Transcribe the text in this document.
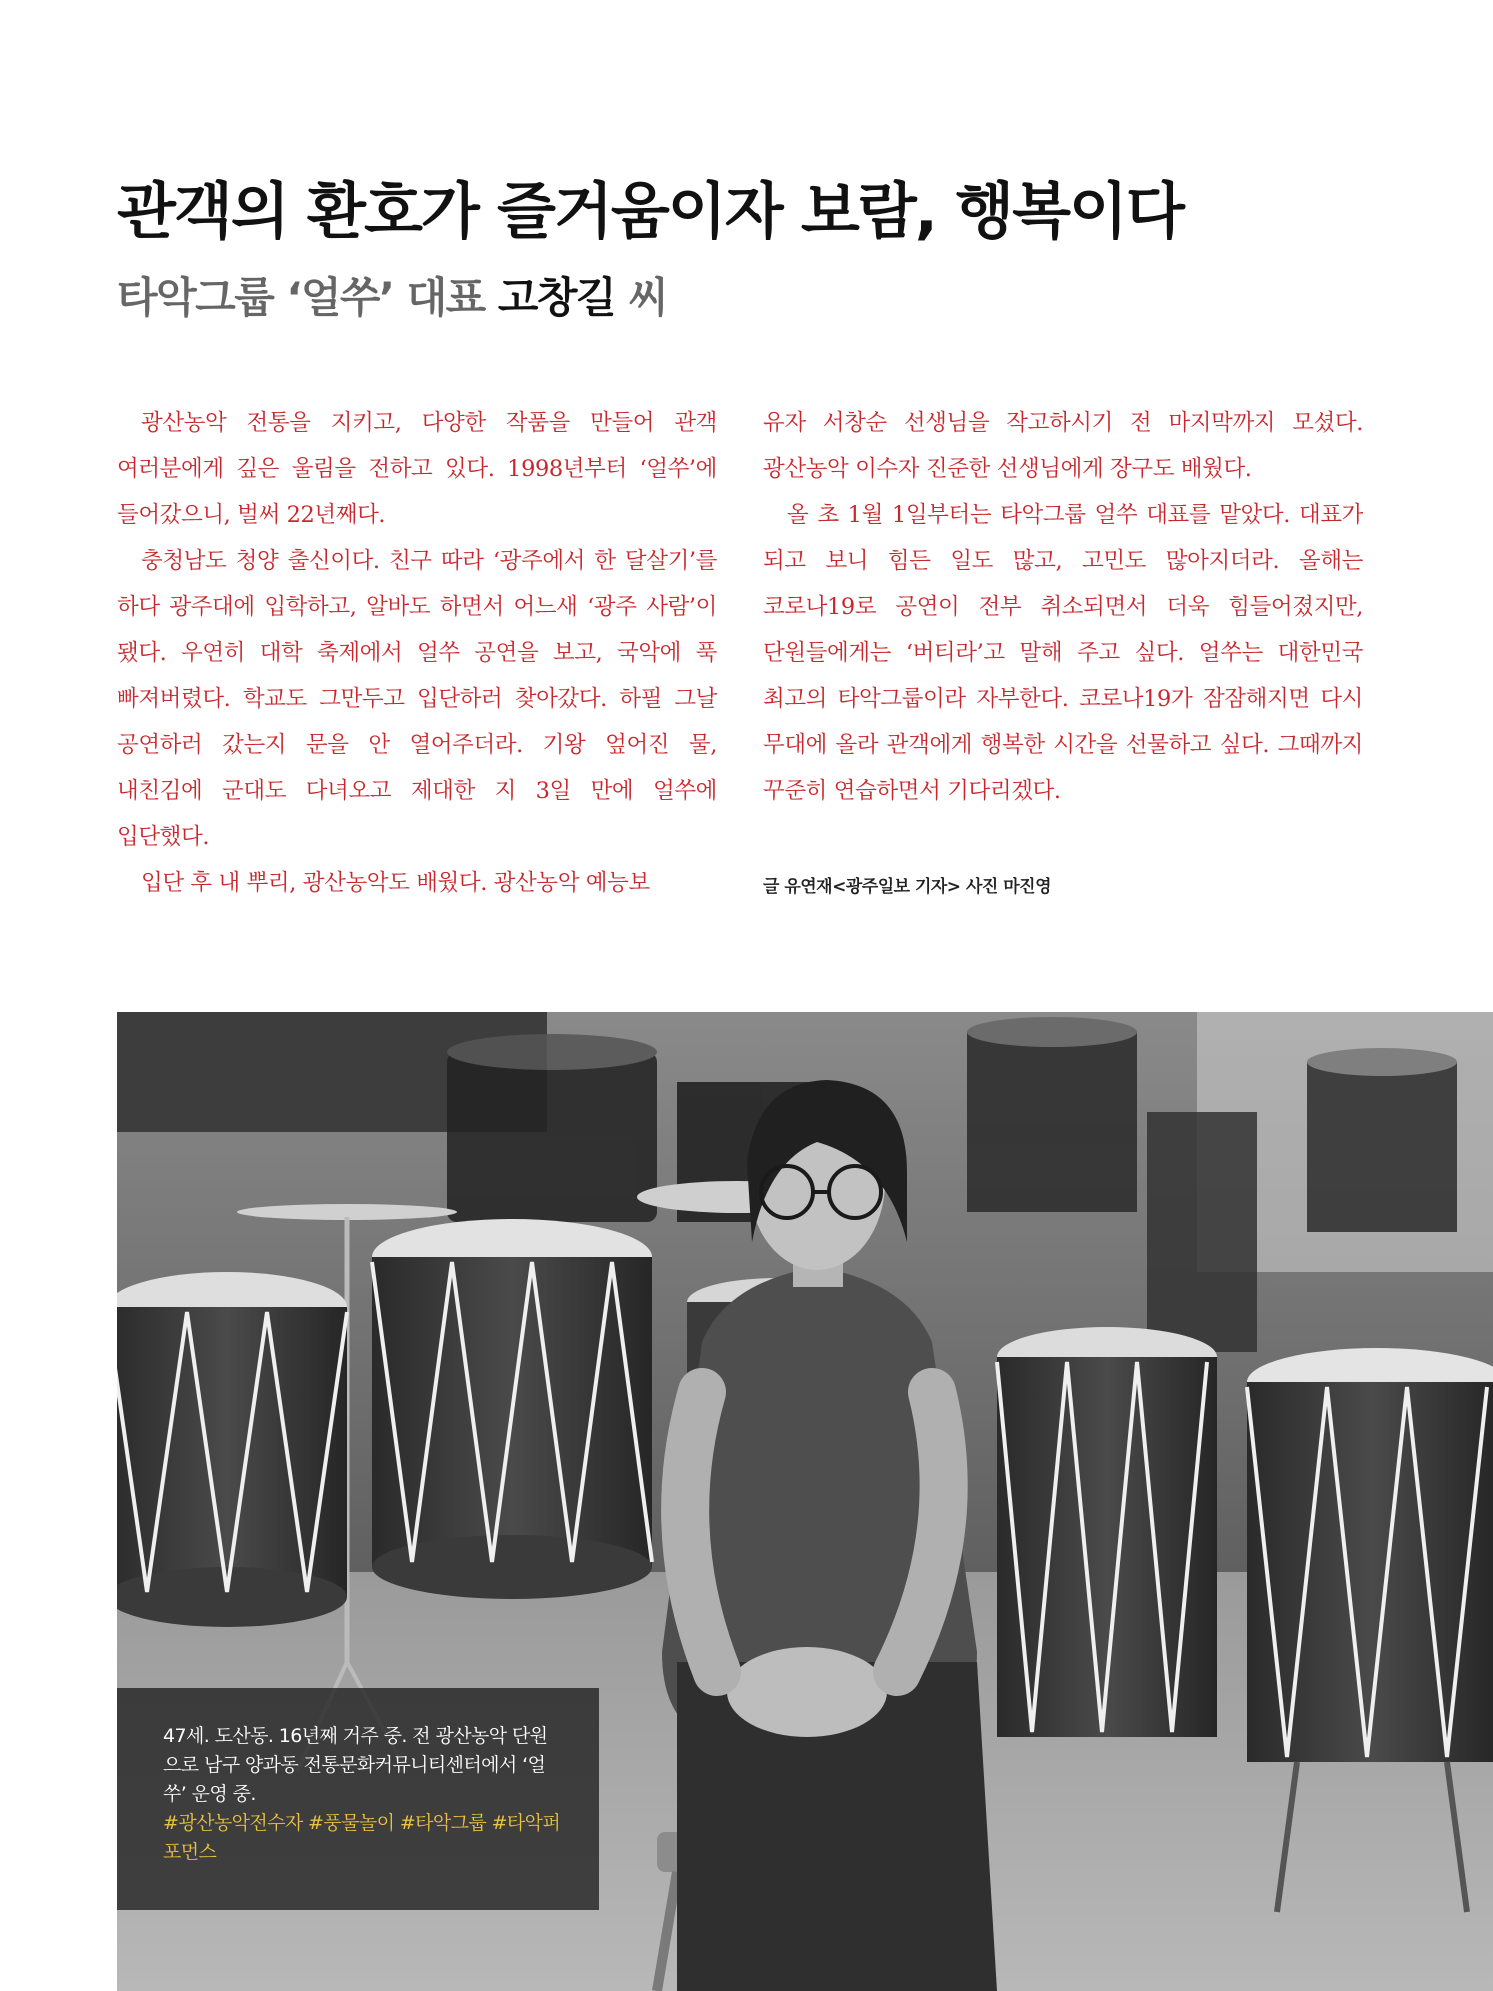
관객의 환호가 즐거움이자 보람, 행복이다
타악그룹 ‘얼쑤’ 대표 고창길 씨

광산농악 전통을 지키고, 다양한 작품을 만들어 관객 여러분에게 깊은 울림을 전하고 있다. 1998년부터 ‘얼쑤’에 들어갔으니, 벌써 22년째다.

충청남도 청양 출신이다. 친구 따라 ‘광주에서 한 달살기’를 하다 광주대에 입학하고, 알바도 하면서 어느새 ‘광주 사람’이 됐다. 우연히 대학 축제에서 얼쑤 공연을 보고, 국악에 푹 빠져버렸다. 학교도 그만두고 입단하러 찾아갔다. 하필 그날 공연하러 갔는지 문을 안 열어주더라. 기왕 엎어진 물, 내친김에 군대도 다녀오고 제대한 지 3일 만에 얼쑤에 입단했다.

입단 후 내 뿌리, 광산농악도 배웠다. 광산농악 예능보

유자 서창순 선생님을 작고하시기 전 마지막까지 모셨다. 광산농악 이수자 진준한 선생님에게 장구도 배웠다.

올 초 1월 1일부터는 타악그룹 얼쑤 대표를 맡았다. 대표가 되고 보니 힘든 일도 많고, 고민도 많아지더라. 올해는 코로나19로 공연이 전부 취소되면서 더욱 힘들어졌지만, 단원들에게는 ‘버티라’고 말해 주고 싶다. 얼쑤는 대한민국 최고의 타악그룹이라 자부한다. 코로나19가 잠잠해지면 다시 무대에 올라 관객에게 행복한 시간을 선물하고 싶다. 그때까지 꾸준히 연습하면서 기다리겠다.

글 유연재<광주일보 기자> 사진 마진영
47세. 도산동. 16년째 거주 중. 전 광산농악 단원으로 남구 양과동 전통문화커뮤니티센터에서 ‘얼쑤’ 운영 중.
#광산농악전수자 #풍물놀이 #타악그룹 #타악퍼포먼스
